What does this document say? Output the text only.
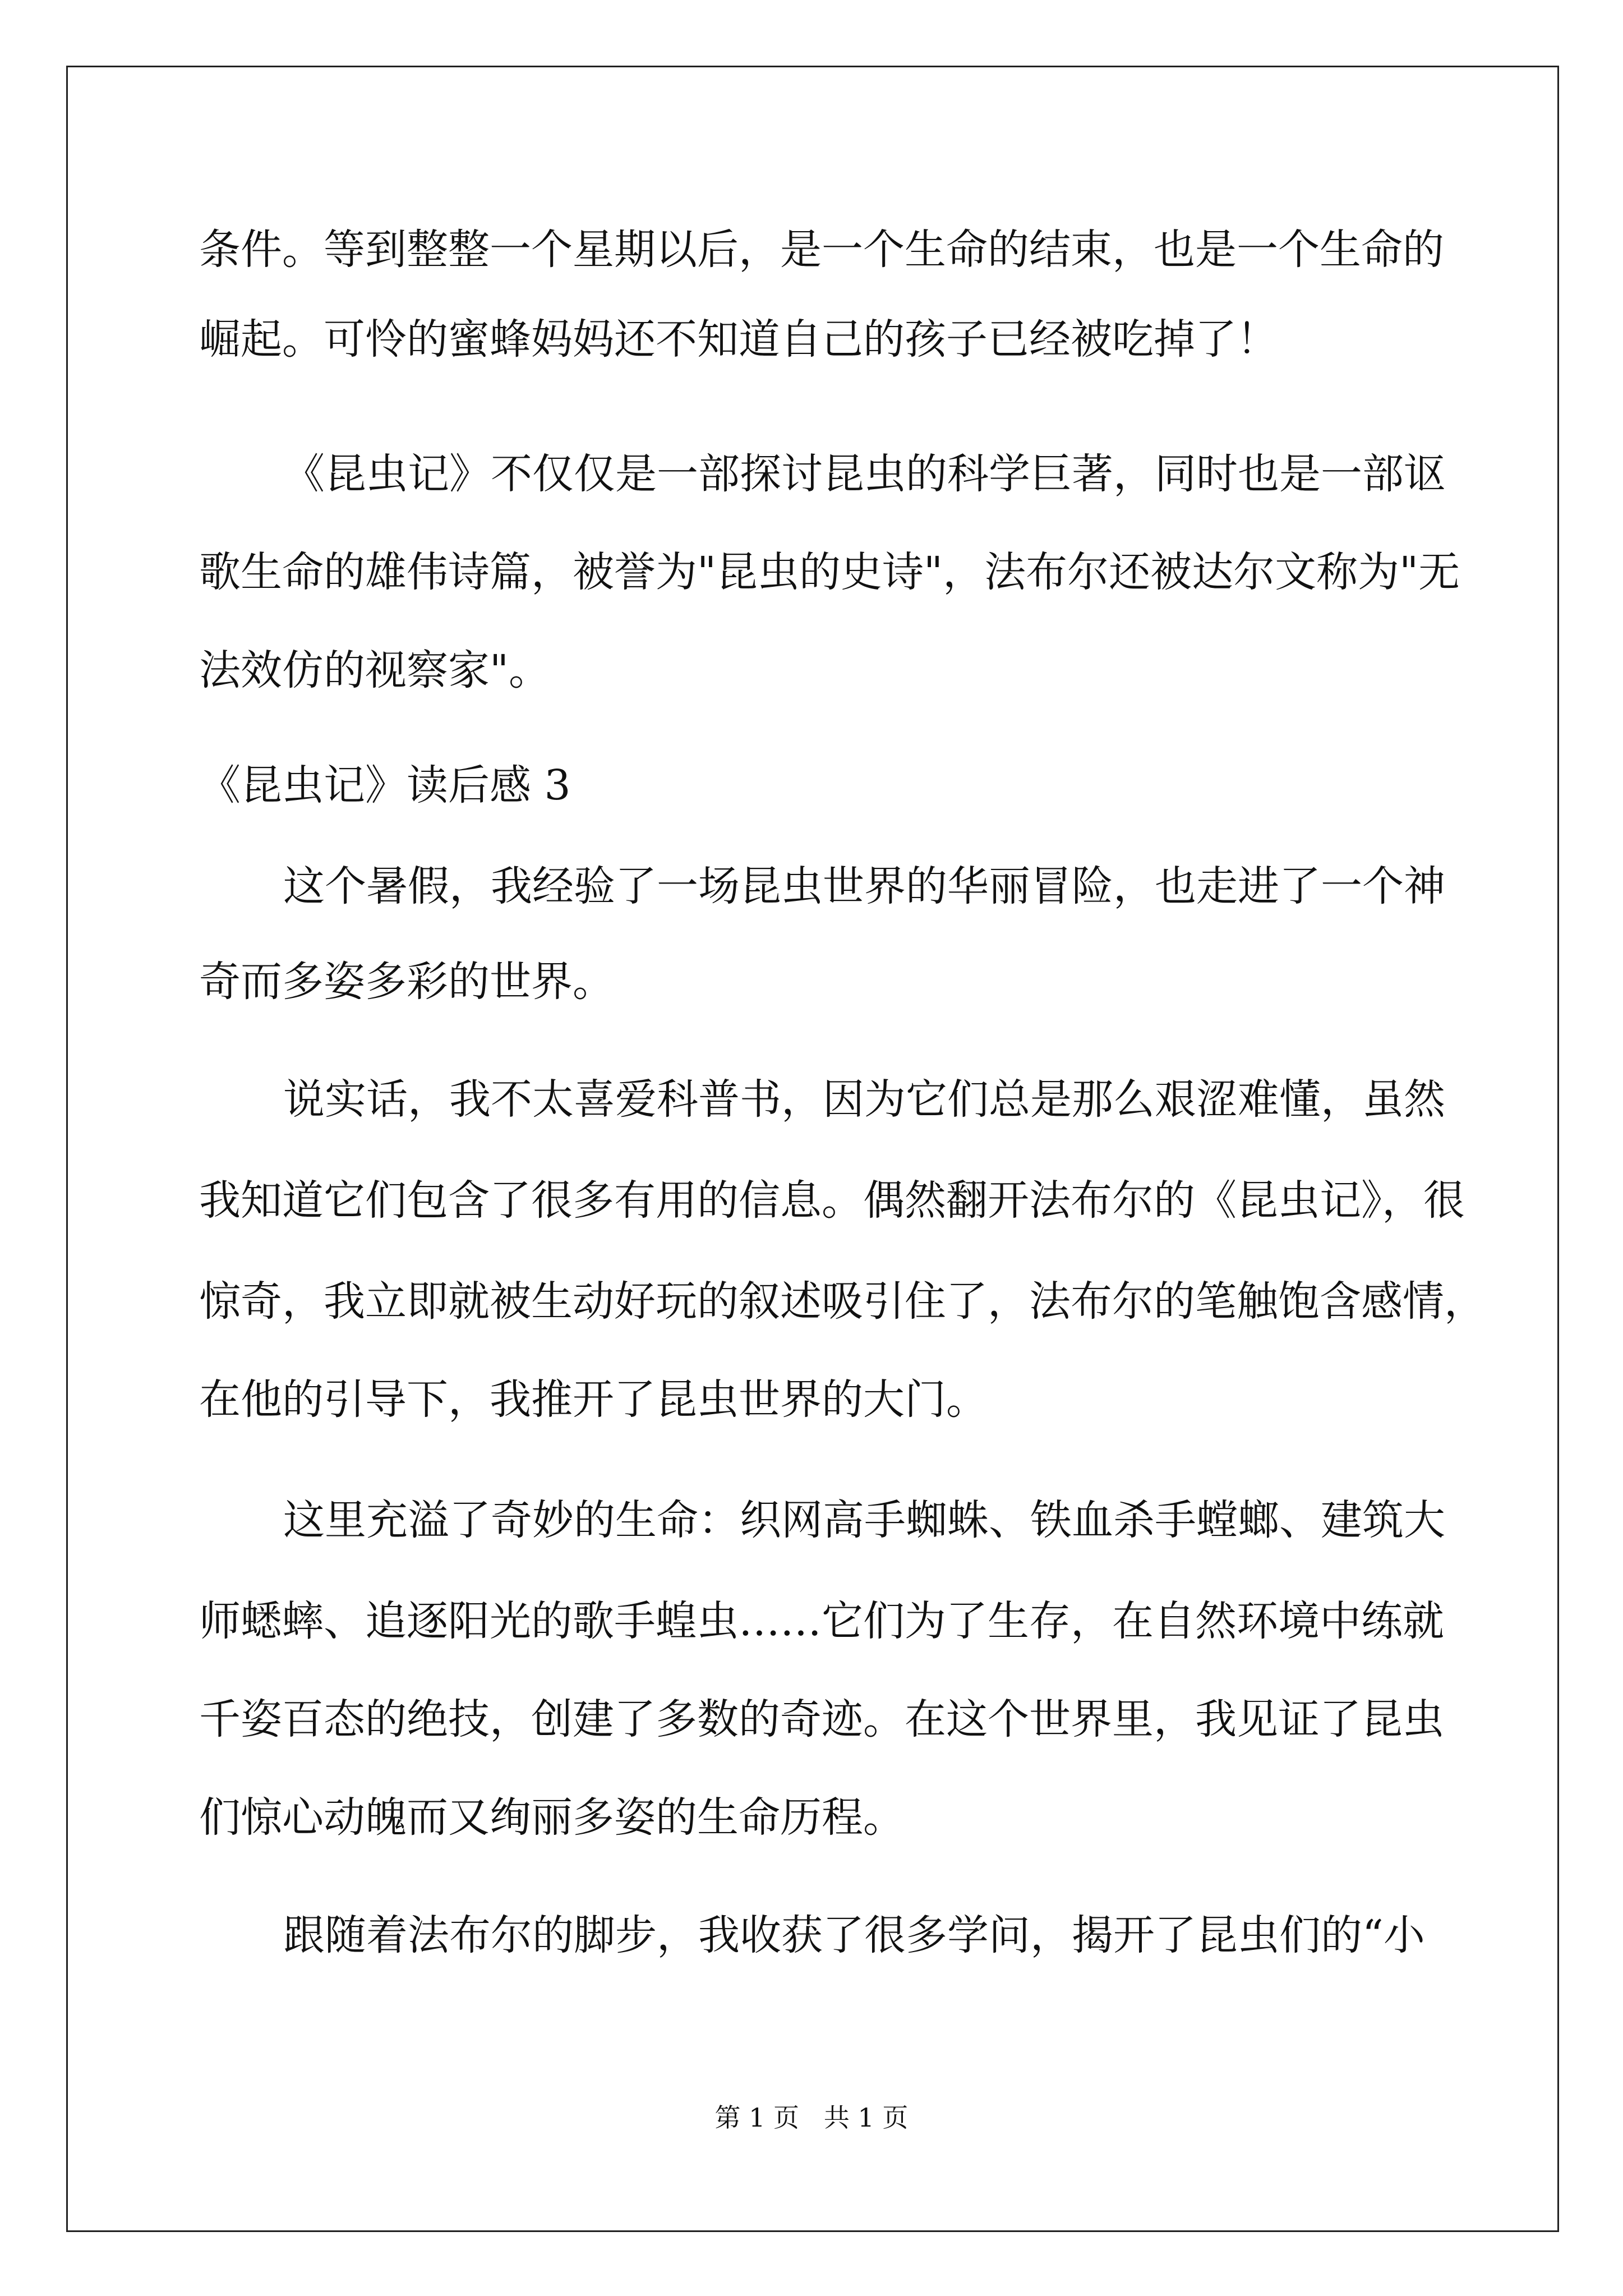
条件。等到整整一个星期以后，是一个生命的结束，也是一个生命的
崛起。可怜的蜜蜂妈妈还不知道自己的孩子已经被吃掉了！
《昆虫记》不仅仅是一部探讨昆虫的科学巨著，同时也是一部讴
歌生命的雄伟诗篇，被誉为"昆虫的史诗"，法布尔还被达尔文称为"无
法效仿的视察家"。
《昆虫记》读后感 3
这个暑假，我经验了一场昆虫世界的华丽冒险，也走进了一个神
奇而多姿多彩的世界。
说实话，我不太喜爱科普书，因为它们总是那么艰涩难懂，虽然
我知道它们包含了很多有用的信息。偶然翻开法布尔的《昆虫记》，很
惊奇，我立即就被生动好玩的叙述吸引住了，法布尔的笔触饱含感情，
在他的引导下，我推开了昆虫世界的大门。
这里充溢了奇妙的生命：织网高手蜘蛛、铁血杀手螳螂、建筑大
师蟋蟀、追逐阳光的歌手蝗虫……它们为了生存，在自然环境中练就
千姿百态的绝技，创建了多数的奇迹。在这个世界里，我见证了昆虫
们惊心动魄而又绚丽多姿的生命历程。
跟随着法布尔的脚步，我收获了很多学问，揭开了昆虫们的“小
第 1 页   共 1 页
